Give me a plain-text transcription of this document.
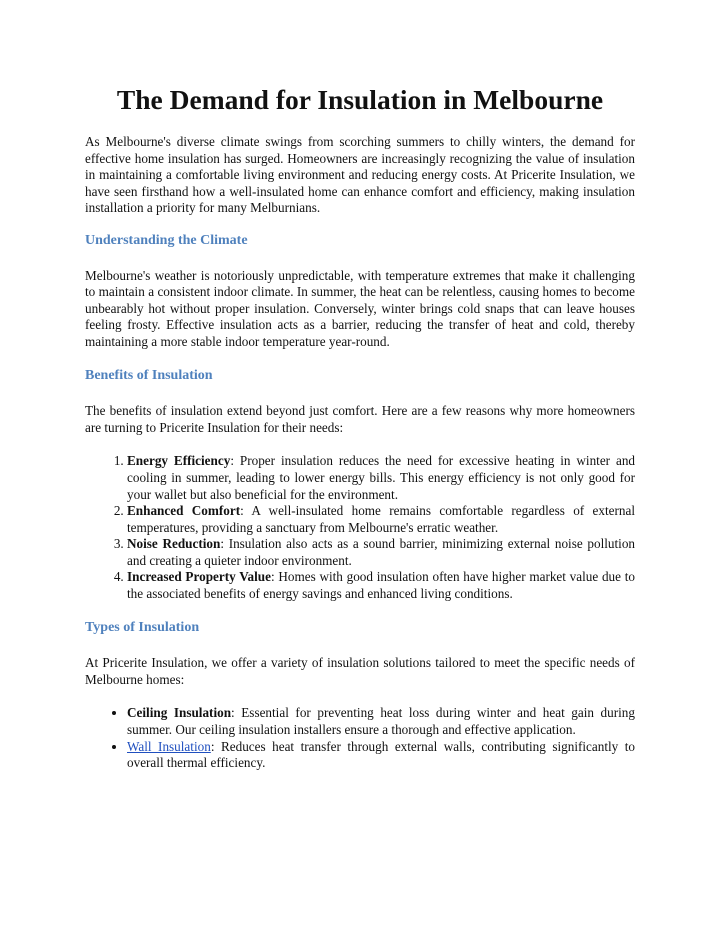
The Demand for Insulation in Melbourne

As Melbourne's diverse climate swings from scorching summers to chilly winters, the demand for effective home insulation has surged. Homeowners are increasingly recognizing the value of insulation in maintaining a comfortable living environment and reducing energy costs. At Pricerite Insulation, we have seen firsthand how a well-insulated home can enhance comfort and efficiency, making insulation installation a priority for many Melburnians.

Understanding the Climate

Melbourne's weather is notoriously unpredictable, with temperature extremes that make it challenging to maintain a consistent indoor climate. In summer, the heat can be relentless, causing homes to become unbearably hot without proper insulation. Conversely, winter brings cold snaps that can leave houses feeling frosty. Effective insulation acts as a barrier, reducing the transfer of heat and cold, thereby maintaining a more stable indoor temperature year-round.

Benefits of Insulation

The benefits of insulation extend beyond just comfort. Here are a few reasons why more homeowners are turning to Pricerite Insulation for their needs:

1. Energy Efficiency: Proper insulation reduces the need for excessive heating in winter and cooling in summer, leading to lower energy bills. This energy efficiency is not only good for your wallet but also beneficial for the environment.
2. Enhanced Comfort: A well-insulated home remains comfortable regardless of external temperatures, providing a sanctuary from Melbourne's erratic weather.
3. Noise Reduction: Insulation also acts as a sound barrier, minimizing external noise pollution and creating a quieter indoor environment.
4. Increased Property Value: Homes with good insulation often have higher market value due to the associated benefits of energy savings and enhanced living conditions.
Types of Insulation

At Pricerite Insulation, we offer a variety of insulation solutions tailored to meet the specific needs of Melbourne homes:

• Ceiling Insulation: Essential for preventing heat loss during winter and heat gain during summer. Our ceiling insulation installers ensure a thorough and effective application.
• Wall Insulation: Reduces heat transfer through external walls, contributing significantly to overall thermal efficiency.
